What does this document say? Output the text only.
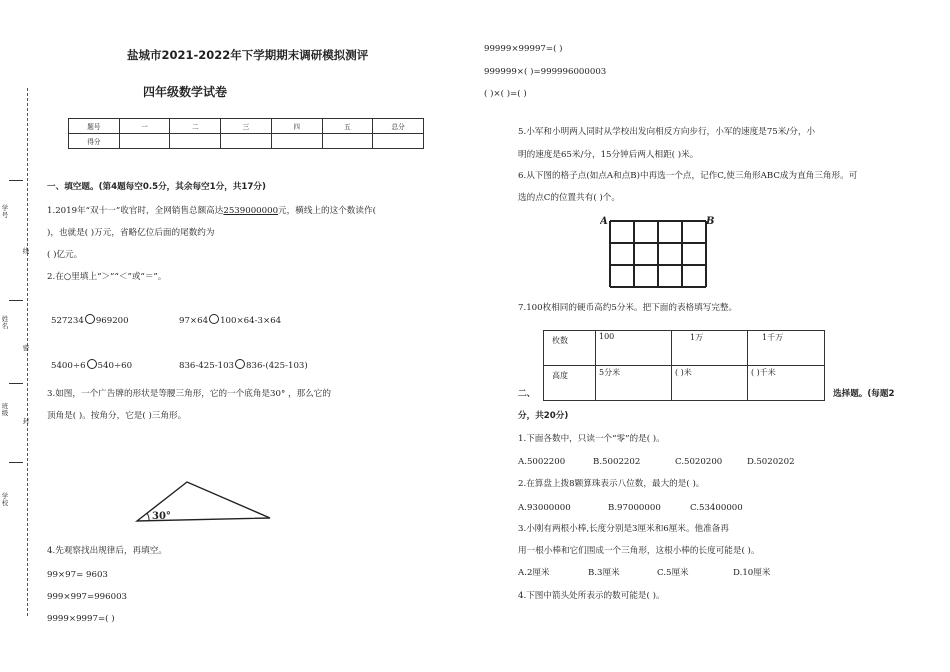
学号
线
姓名
密
班级
封
学校
盐城市2021-2022年下学期期末调研模拟测评
四年级数学试卷
题号	一	二	三	四	五	总分
得分						
一、填空题。(第4题每空0.5分，其余每空1分，共17分)
1.2019年“双十一”收官时，全网销售总额高达2539000000元，横线上的这个数读作(
)，也就是( )万元，省略亿位后面的尾数约为
( )亿元。
2.在○里填上“＞”“＜”或“＝”。
527234 969200	97×64 100×64-3×64
5400÷6 540÷60	836-425-103 836-(425-103)
3.如图，一个广告牌的形状是等腰三角形，它的一个底角是30° ，那么它的
顶角是( )。按角分，它是( )三角形。
30°
4.先观察找出规律后，再填空。
99×97= 9603
999×997=996003
9999×9997=( )
99999×99997=( )
999999×( )=999996000003
( )×( )=( )
5.小军和小明两人同时从学校出发向相反方向步行，小军的速度是75米/分，小
明的速度是65米/分，15分钟后两人相距( )米。
6.从下图的格子点(如点A和点B)中再选一个点，记作C,使三角形ABC成为直角三角形。可
选的点C的位置共有( )个。
A	B
7.100枚相同的硬币高约5分米。把下面的表格填写完整。
枚数	100	1万	1千万
高度	5分米	( )米	( )千米
二、	选择题。(每题2
分，共20分)
1.下面各数中，只读一个“零”的是( )。
A.5002200	B.5002202	C.5020200	D.5020202
2.在算盘上拨8颗算珠表示八位数，最大的是( )。
A.93000000	B.97000000	C.53400000
3.小刚有两根小棒,长度分别是3厘米和6厘米。他准备再
用一根小棒和它们围成一个三角形，这根小棒的长度可能是( )。
A.2厘米	B.3厘米	C.5厘米	D.10厘米
4.下图中箭头处所表示的数可能是( )。
